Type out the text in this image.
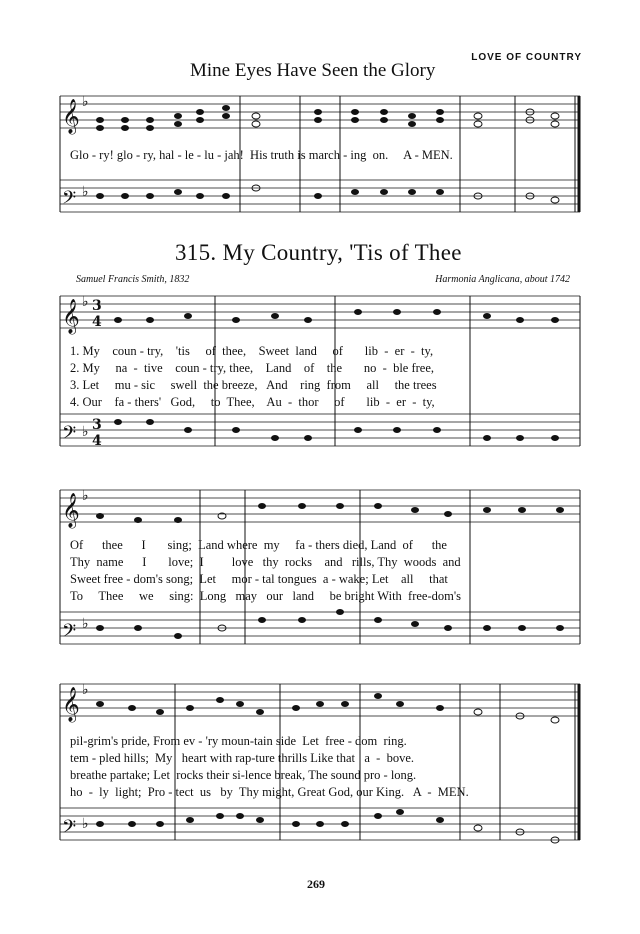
LOVE OF COUNTRY
Mine Eyes Have Seen the Glory
𝄞
𝄢
𝄞
𝄢
𝄞
𝄢
𝄞
𝄢
♭
♭
♭
♭
♭
♭
♭
♭
3
4
3
4
Glo - ry! glo - ry, hal - le - lu - jah!  His truth is march - ing  on.     A - MEN.
315. My Country, 'Tis of Thee
Samuel Francis Smith, 1832	Harmonia Anglicana, about 1742
1. My    coun - try,    'tis     of  thee,    Sweet  land     of       lib  -  er  -  ty,
2. My     na  -  tive    coun - try, thee,    Land    of    the       no  -  ble free,
3. Let     mu - sic     swell  the breeze,   And    ring  from     all     the trees
4. Our    fa - thers'   God,     to  Thee,    Au  -  thor     of       lib  -  er  -  ty,
Of      thee      I       sing;  Land where  my     fa - thers died, Land  of      the
Thy  name      I       love;  I         love   thy  rocks    and   rills, Thy  woods  and
Sweet free - dom's song;  Let     mor - tal tongues  a - wake; Let    all     that
To     Thee     we     sing:  Long   may   our   land     be bright With  free-dom's
pil-grim's pride, From ev - 'ry moun-tain side  Let  free - dom  ring.
tem - pled hills;  My   heart with rap-ture thrills Like that   a  -  bove.
breathe partake; Let  rocks their si-lence break, The sound pro - long.
ho  -  ly  light;  Pro - tect  us   by  Thy might, Great God, our King.   A  -  MEN.
269
